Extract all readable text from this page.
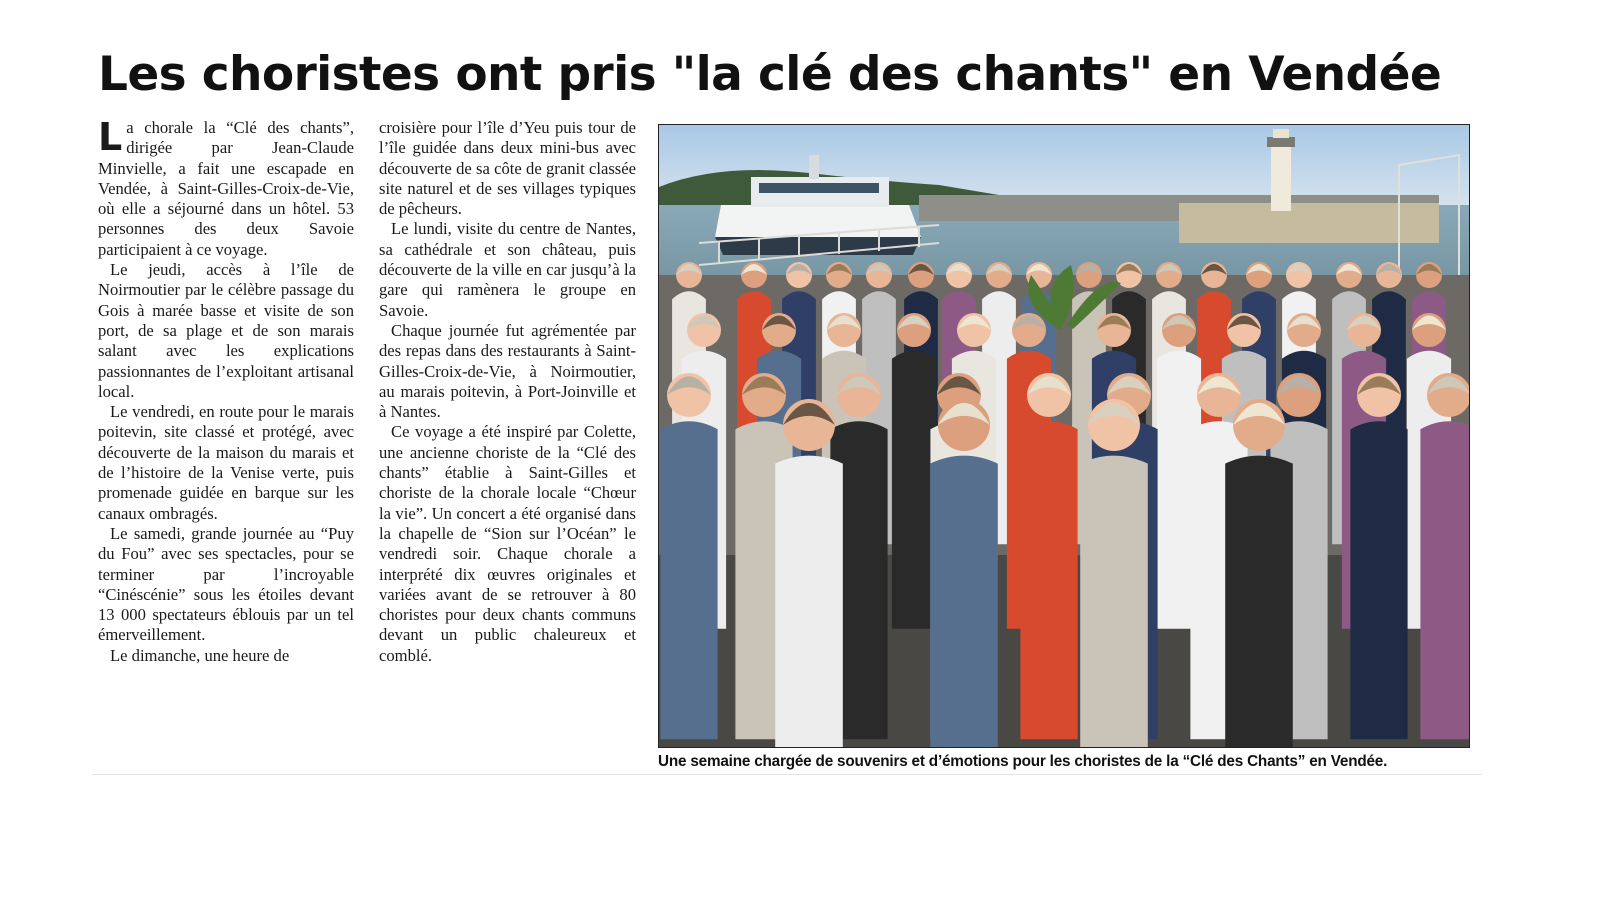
Les choristes ont pris "la clé des chants" en Vendée

La chorale la “Clé des chants”, dirigée par Jean-Claude Minvielle, a fait une escapade en Vendée, à Saint-Gilles-Croix-de-Vie, où elle a séjourné dans un hôtel. 53 personnes des deux Savoie participaient à ce voyage.

Le jeudi, accès à l’île de Noirmoutier par le célèbre passage du Gois à marée basse et visite de son port, de sa plage et de son marais salant avec les explications passionnantes de l’exploitant artisanal local.

Le vendredi, en route pour le marais poitevin, site classé et protégé, avec découverte de la maison du marais et de l’histoire de la Venise verte, puis promenade guidée en barque sur les canaux ombragés.

Le samedi, grande journée au “Puy du Fou” avec ses spectacles, pour se terminer par l’incroyable “Cinéscénie” sous les étoiles devant 13 000 spectateurs éblouis par un tel émerveillement.

Le dimanche, une heure de

croisière pour l’île d’Yeu puis tour de l’île guidée dans deux mini-bus avec découverte de sa côte de granit classée site naturel et de ses villages typiques de pêcheurs.

Le lundi, visite du centre de Nantes, sa cathédrale et son château, puis découverte de la ville en car jusqu’à la gare qui ramènera le groupe en Savoie.

Chaque journée fut agrémentée par des repas dans des restaurants à Saint-Gilles-Croix-de-Vie, à Noirmoutier, au marais poitevin, à Port-Joinville et à Nantes.

Ce voyage a été inspiré par Colette, une ancienne choriste de la “Clé des chants” établie à Saint-Gilles et choriste de la chorale locale “Chœur la vie”. Un concert a été organisé dans la chapelle de “Sion sur l’Océan” le vendredi soir. Chaque chorale a interprété dix œuvres originales et variées avant de se retrouver à 80 choristes pour deux chants communs devant un public chaleureux et comblé.

Une semaine chargée de souvenirs et d’émotions pour les choristes de la “Clé des Chants” en Vendée.
